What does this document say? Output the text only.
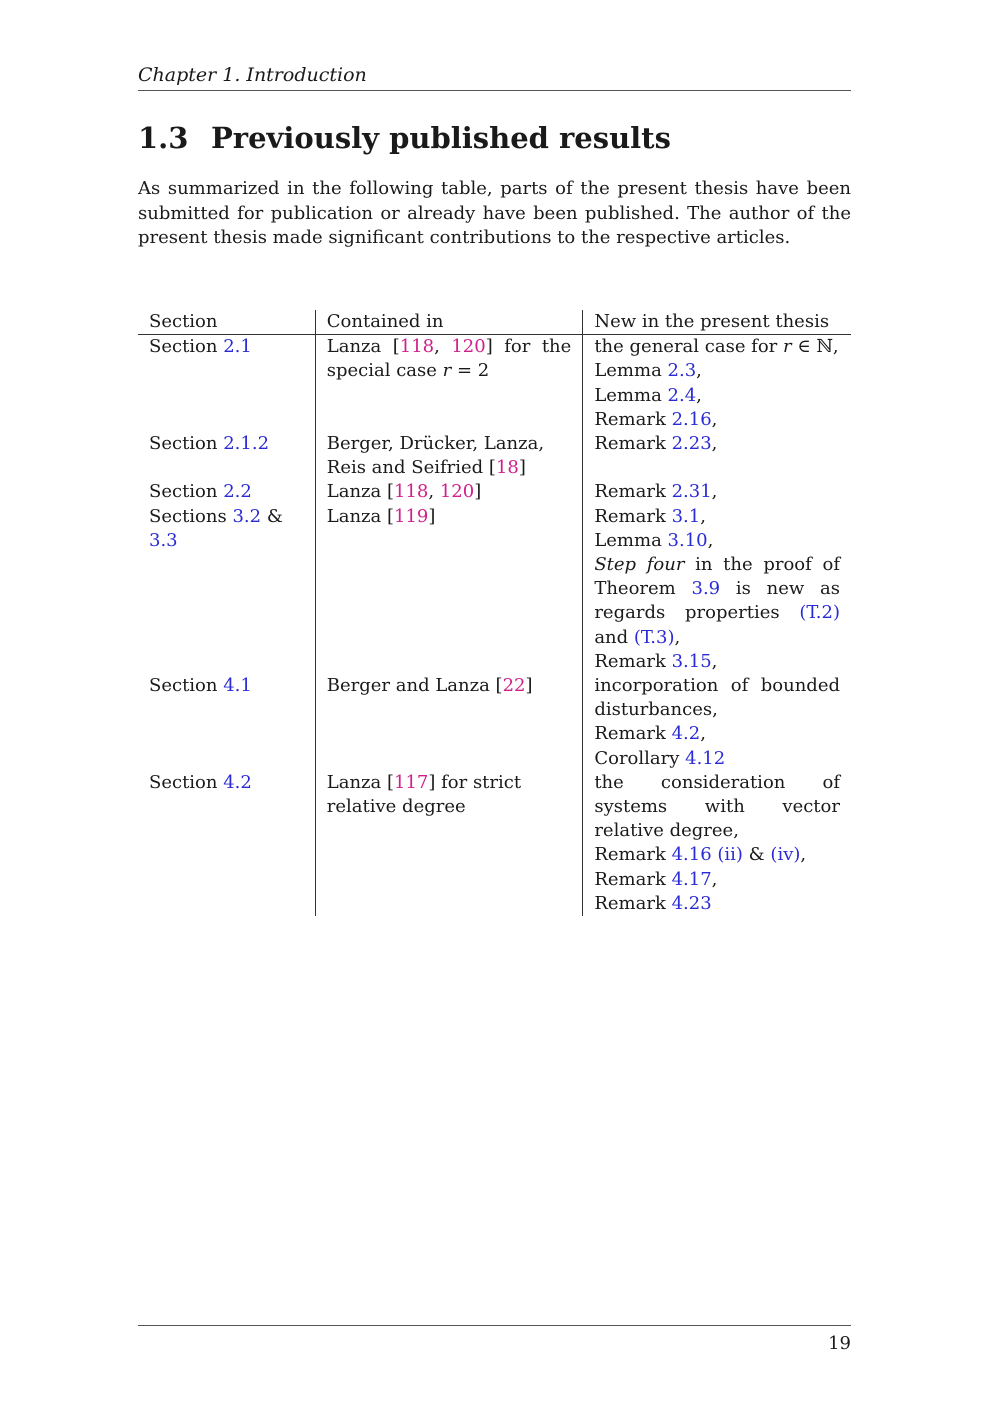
Chapter 1. Introduction
1.3 Previously published results

As summarized in the following table, parts of the present thesis have been submitted for publication or already have been published. The author of the present thesis made significant contributions to the respective articles.

Section	Contained in	New in the present thesis
Section 2.1	Lanza [118, 120] for the special case r = 2	the general case for r ∈ ℕ,
Lemma 2.3,
Lemma 2.4,
Remark 2.16,

Section 2.1.2	Berger, Drücker, Lanza, Reis and Seifried [18]	Remark 2.23,

Section 2.2	Lanza [118, 120]	Remark 2.31,

Sections 3.2 & 3.3	Lanza [119]	Remark 3.1,
Lemma 3.10,
Step four in the proof of Theorem 3.9 is new as regards properties (T.2) and (T.3),
Remark 3.15,

Section 4.1	Berger and Lanza [22]	incorporation of bounded disturbances,
Remark 4.2,
Corollary 4.12

Section 4.2	Lanza [117] for strict relative degree	the consideration of systems with vector relative degree,
Remark 4.16 (ii) & (iv),
Remark 4.17,
Remark 4.23
19
